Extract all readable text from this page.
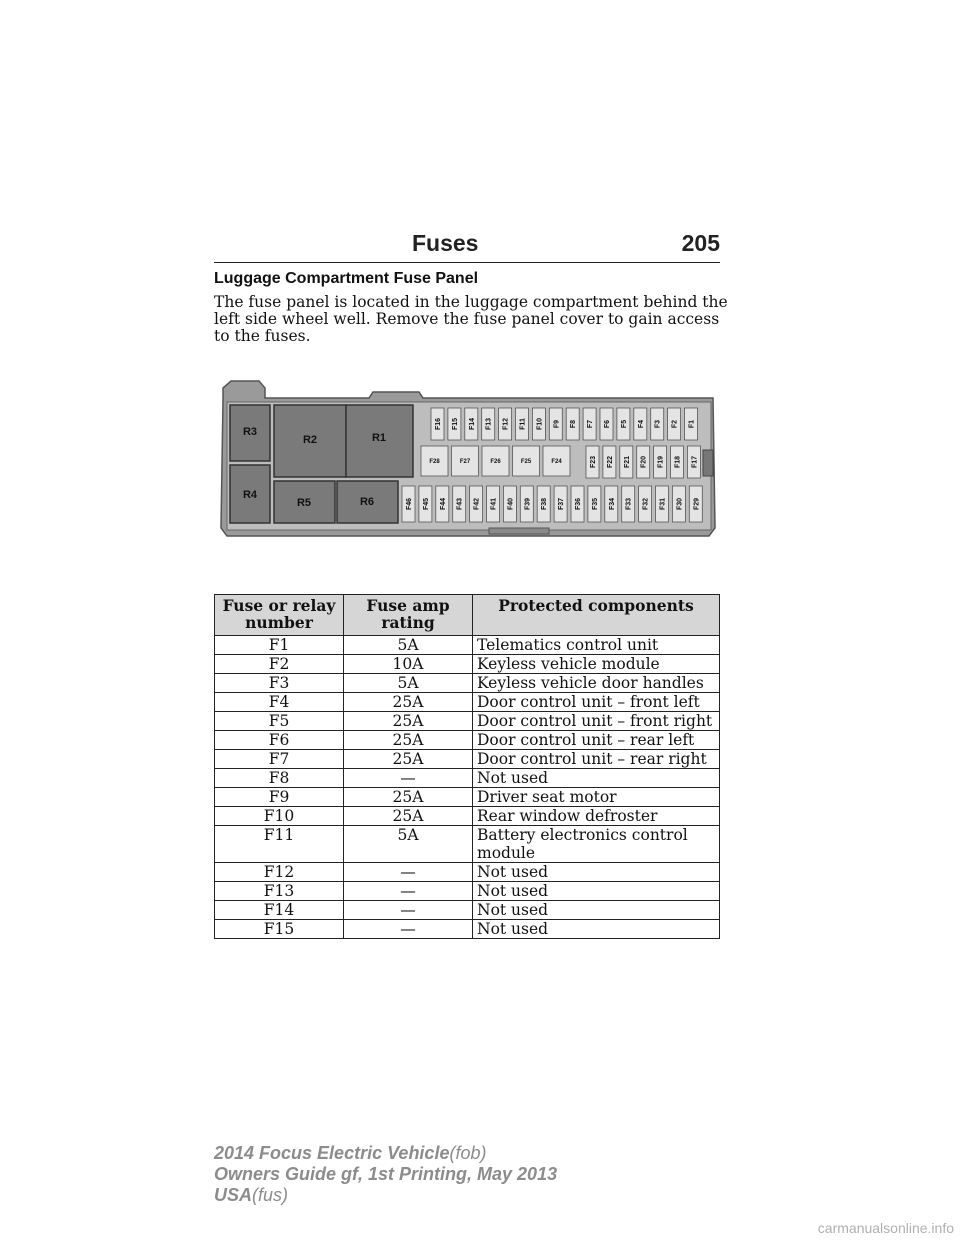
Fuses	205
Luggage Compartment Fuse Panel
The fuse panel is located in the luggage compartment behind the left side wheel well. Remove the fuse panel cover to gain access to the fuses.
R3
R4
R2
R5
R1
R6
F16 F15 F14 F13 F12 F11 F10 F9 F8 F7 F6 F5 F4 F3 F2 F1
F28	F27	F26	F25	F24	F23 F22 F21 F20 F19 F18 F17
F46 F45 F44 F43 F42 F41 F40 F39 F38 F37 F36 F35 F34 F33 F32 F31 F30 F29
Fuse or relay number	Fuse amp rating	Protected components
F1	5A	Telematics control unit
F2	10A	Keyless vehicle module
F3	5A	Keyless vehicle door handles
F4	25A	Door control unit – front left
F5	25A	Door control unit – front right
F6	25A	Door control unit – rear left
F7	25A	Door control unit – rear right
F8	—	Not used
F9	25A	Driver seat motor
F10	25A	Rear window defroster
F11	5A	Battery electronics control module
F12	—	Not used
F13	—	Not used
F14	—	Not used
F15	—	Not used
2014 Focus Electric Vehicle(fob)
Owners Guide gf, 1st Printing, May 2013
USA(fus)
carmanualsonline.info
